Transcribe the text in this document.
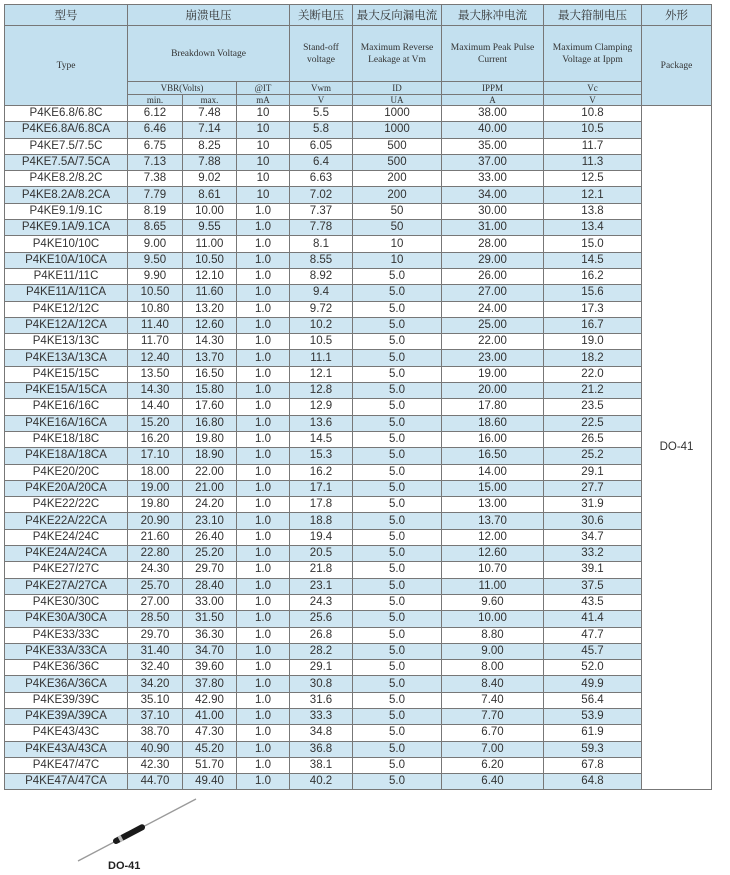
型号	崩溃电压			关断电压	最大反向漏电流	最大脉冲电流	最大箝制电压	外形
Type	Breakdown Voltage			Stand-off voltage	Maximum Reverse Leakage at Vm	Maximum Peak Pulse Current	Maximum Clamping Voltage at Ippm	Package
	VBR(Volts)		@IT	Vwm	ID	IPPM	Vc	
	min.	max.	mA	V	UA	A	V	
P4KE6.8/6.8C	6.12	7.48	10	5.5	1000	38.00	10.8	DO-41
P4KE6.8A/6.8CA	6.46	7.14	10	5.8	1000	40.00	10.5	
P4KE7.5/7.5C	6.75	8.25	10	6.05	500	35.00	11.7	
P4KE7.5A/7.5CA	7.13	7.88	10	6.4	500	37.00	11.3	
P4KE8.2/8.2C	7.38	9.02	10	6.63	200	33.00	12.5	
P4KE8.2A/8.2CA	7.79	8.61	10	7.02	200	34.00	12.1	
P4KE9.1/9.1C	8.19	10.00	1.0	7.37	50	30.00	13.8	
P4KE9.1A/9.1CA	8.65	9.55	1.0	7.78	50	31.00	13.4	
P4KE10/10C	9.00	11.00	1.0	8.1	10	28.00	15.0	
P4KE10A/10CA	9.50	10.50	1.0	8.55	10	29.00	14.5	
P4KE11/11C	9.90	12.10	1.0	8.92	5.0	26.00	16.2	
P4KE11A/11CA	10.50	11.60	1.0	9.4	5.0	27.00	15.6	
P4KE12/12C	10.80	13.20	1.0	9.72	5.0	24.00	17.3	
P4KE12A/12CA	11.40	12.60	1.0	10.2	5.0	25.00	16.7	
P4KE13/13C	11.70	14.30	1.0	10.5	5.0	22.00	19.0	
P4KE13A/13CA	12.40	13.70	1.0	11.1	5.0	23.00	18.2	
P4KE15/15C	13.50	16.50	1.0	12.1	5.0	19.00	22.0	
P4KE15A/15CA	14.30	15.80	1.0	12.8	5.0	20.00	21.2	
P4KE16/16C	14.40	17.60	1.0	12.9	5.0	17.80	23.5	
P4KE16A/16CA	15.20	16.80	1.0	13.6	5.0	18.60	22.5	
P4KE18/18C	16.20	19.80	1.0	14.5	5.0	16.00	26.5	
P4KE18A/18CA	17.10	18.90	1.0	15.3	5.0	16.50	25.2	
P4KE20/20C	18.00	22.00	1.0	16.2	5.0	14.00	29.1	
P4KE20A/20CA	19.00	21.00	1.0	17.1	5.0	15.00	27.7	
P4KE22/22C	19.80	24.20	1.0	17.8	5.0	13.00	31.9	
P4KE22A/22CA	20.90	23.10	1.0	18.8	5.0	13.70	30.6	
P4KE24/24C	21.60	26.40	1.0	19.4	5.0	12.00	34.7	
P4KE24A/24CA	22.80	25.20	1.0	20.5	5.0	12.60	33.2	
P4KE27/27C	24.30	29.70	1.0	21.8	5.0	10.70	39.1	
P4KE27A/27CA	25.70	28.40	1.0	23.1	5.0	11.00	37.5	
P4KE30/30C	27.00	33.00	1.0	24.3	5.0	9.60	43.5	
P4KE30A/30CA	28.50	31.50	1.0	25.6	5.0	10.00	41.4	
P4KE33/33C	29.70	36.30	1.0	26.8	5.0	8.80	47.7	
P4KE33A/33CA	31.40	34.70	1.0	28.2	5.0	9.00	45.7	
P4KE36/36C	32.40	39.60	1.0	29.1	5.0	8.00	52.0	
P4KE36A/36CA	34.20	37.80	1.0	30.8	5.0	8.40	49.9	
P4KE39/39C	35.10	42.90	1.0	31.6	5.0	7.40	56.4	
P4KE39A/39CA	37.10	41.00	1.0	33.3	5.0	7.70	53.9	
P4KE43/43C	38.70	47.30	1.0	34.8	5.0	6.70	61.9	
P4KE43A/43CA	40.90	45.20	1.0	36.8	5.0	7.00	59.3	
P4KE47/47C	42.30	51.70	1.0	38.1	5.0	6.20	67.8	
P4KE47A/47CA	44.70	49.40	1.0	40.2	5.0	6.40	64.8	
DO-41
